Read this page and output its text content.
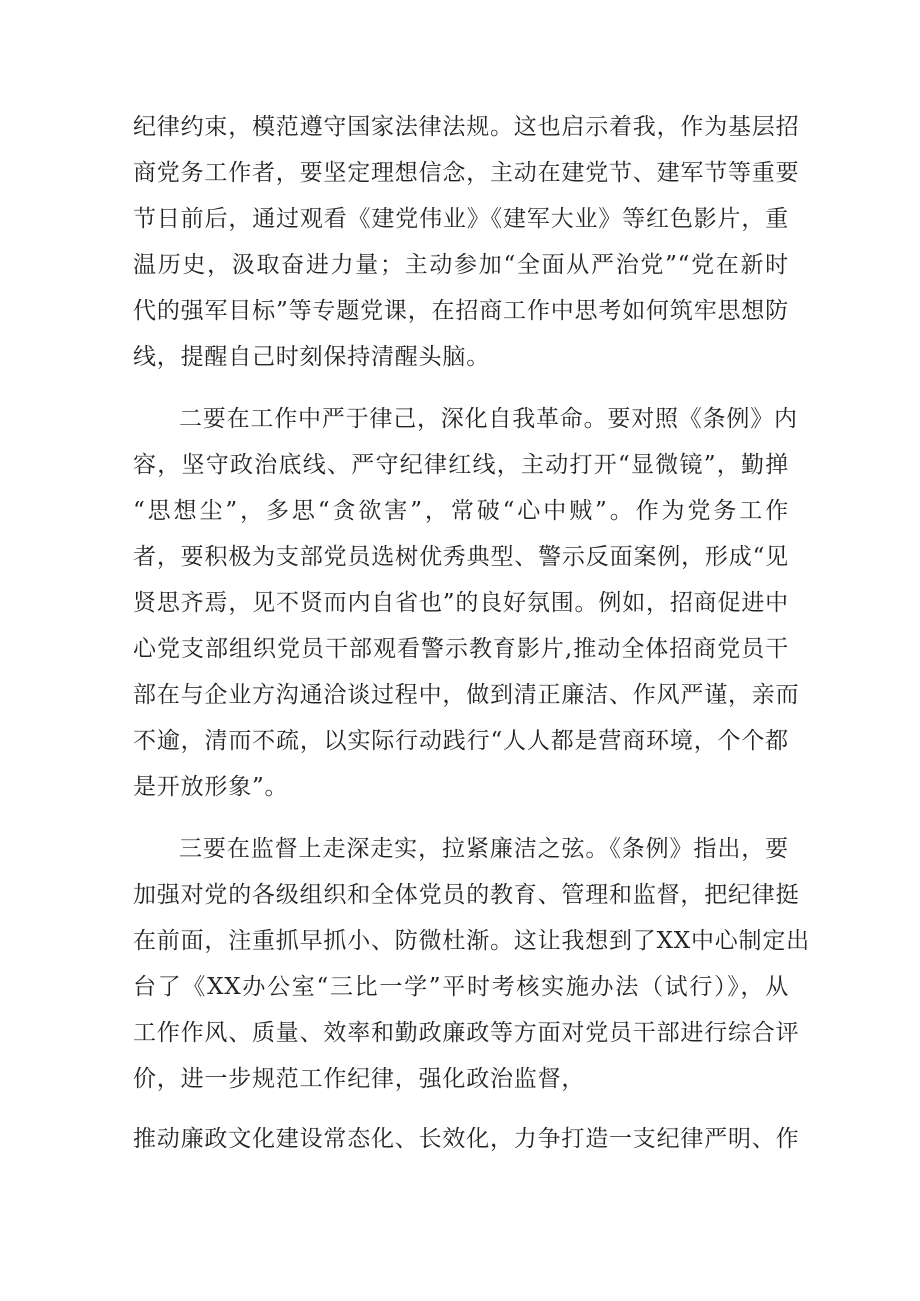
纪律约束，模范遵守国家法律法规。这也启示着我，作为基层招
商党务工作者，要坚定理想信念，主动在建党节、建军节等重要
节日前后，通过观看《建党伟业》《建军大业》等红色影片，重
温历史，汲取奋进力量；主动参加“全面从严治党”“党在新时
代的强军目标”等专题党课，在招商工作中思考如何筑牢思想防
线，提醒自己时刻保持清醒头脑。
二要在工作中严于律己，深化自我革命。要对照《条例》内
容，坚守政治底线、严守纪律红线，主动打开“显微镜”，勤掸
“思想尘”，多思“贪欲害”，常破“心中贼”。作为党务工作
者，要积极为支部党员选树优秀典型、警示反面案例，形成“见
贤思齐焉，见不贤而内自省也”的良好氛围。例如，招商促进中
心党支部组织党员干部观看警示教育影片,推动全体招商党员干
部在与企业方沟通洽谈过程中，做到清正廉洁、作风严谨，亲而
不逾，清而不疏，以实际行动践行“人人都是营商环境，个个都
是开放形象”。
三要在监督上走深走实，拉紧廉洁之弦。《条例》指出，要
加强对党的各级组织和全体党员的教育、管理和监督，把纪律挺
在前面，注重抓早抓小、防微杜渐。这让我想到了XX中心制定出
台了《XX办公室“三比一学”平时考核实施办法（试行）》，从
工作作风、质量、效率和勤政廉政等方面对党员干部进行综合评
价，进一步规范工作纪律，强化政治监督，
推动廉政文化建设常态化、长效化，力争打造一支纪律严明、作
